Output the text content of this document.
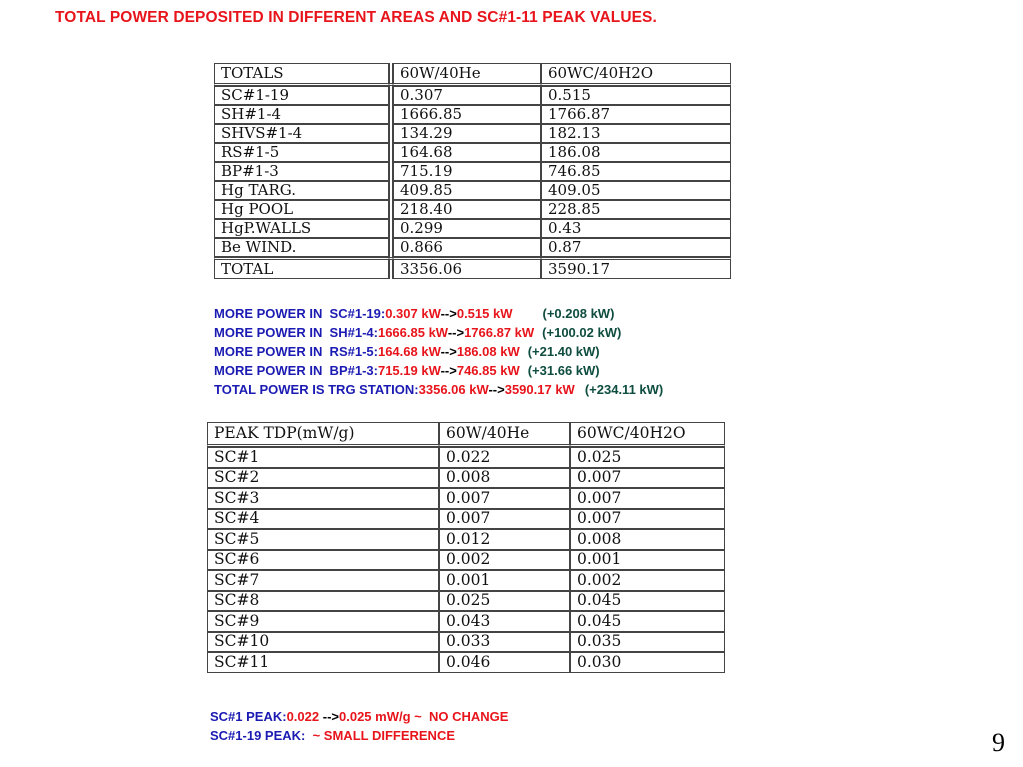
TOTAL POWER DEPOSITED IN DIFFERENT AREAS AND SC#1-11 PEAK VALUES.
TOTALS		60W/40He	60WC/40H2O
SC#1-19		0.307	0.515
SH#1-4		1666.85	1766.87
SHVS#1-4		134.29	182.13
RS#1-5		164.68	186.08
BP#1-3		715.19	746.85
Hg TARG.		409.85	409.05
Hg POOL		218.40	228.85
HgP.WALLS		0.299	0.43
Be WIND.		0.866	0.87
TOTAL		3356.06	3590.17
MORE POWER IN  SC#1-19:0.307 kW-->0.515 kW (+0.208 kW)
MORE POWER IN  SH#1-4:1666.85 kW-->1766.87 kW (+100.02 kW)
MORE POWER IN  RS#1-5:164.68 kW-->186.08 kW (+21.40 kW)
MORE POWER IN  BP#1-3:715.19 kW-->746.85 kW (+31.66 kW)
TOTAL POWER IS TRG STATION:3356.06 kW-->3590.17 kW (+234.11 kW)
PEAK TDP(mW/g)	60W/40He	60WC/40H2O
SC#1	0.022	0.025
SC#2	0.008	0.007
SC#3	0.007	0.007
SC#4	0.007	0.007
SC#5	0.012	0.008
SC#6	0.002	0.001
SC#7	0.001	0.002
SC#8	0.025	0.045
SC#9	0.043	0.045
SC#10	0.033	0.035
SC#11	0.046	0.030
SC#1 PEAK:0.022 -->0.025 mW/g ~  NO CHANGE
SC#1-19 PEAK:  ~ SMALL DIFFERENCE	9
